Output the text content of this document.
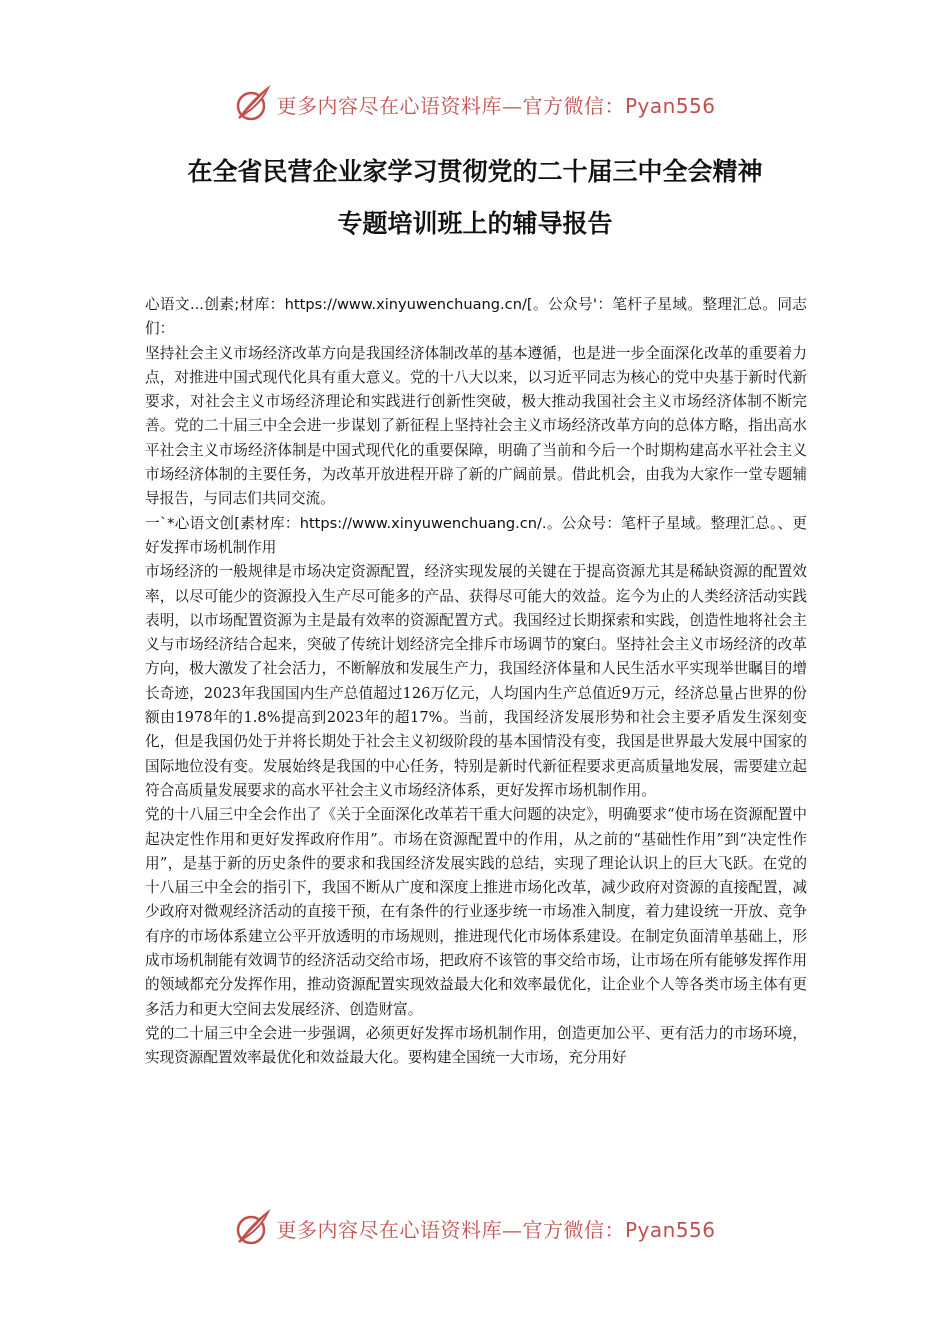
更多内容尽在心语资料库—官方微信：Pyan556
在全省民营企业家学习贯彻党的二十届三中全会精神
专题培训班上的辅导报告

心语文...创素;材库：https://www.xinyuwenchuang.cn/[。公众号'：笔杆子星域。整理汇总。同志们：

坚持社会主义市场经济改革方向是我国经济体制改革的基本遵循，也是进一步全面深化改革的重要着力点，对推进中国式现代化具有重大意义。党的十八大以来，以习近平同志为核心的党中央基于新时代新要求，对社会主义市场经济理论和实践进行创新性突破，极大推动我国社会主义市场经济体制不断完善。党的二十届三中全会进一步谋划了新征程上坚持社会主义市场经济改革方向的总体方略，指出高水平社会主义市场经济体制是中国式现代化的重要保障，明确了当前和今后一个时期构建高水平社会主义市场经济体制的主要任务，为改革开放进程开辟了新的广阔前景。借此机会，由我为大家作一堂专题辅导报告，与同志们共同交流。

一`*心语文创[素材库：https://www.xinyuwenchuang.cn/.。公众号：笔杆子星域。整理汇总。、更好发挥市场机制作用

市场经济的一般规律是市场决定资源配置，经济实现发展的关键在于提高资源尤其是稀缺资源的配置效率，以尽可能少的资源投入生产尽可能多的产品、获得尽可能大的效益。迄今为止的人类经济活动实践表明，以市场配置资源为主是最有效率的资源配置方式。我国经过长期探索和实践，创造性地将社会主义与市场经济结合起来，突破了传统计划经济完全排斥市场调节的窠臼。坚持社会主义市场经济的改革方向，极大激发了社会活力，不断解放和发展生产力，我国经济体量和人民生活水平实现举世瞩目的增长奇迹，2023年我国国内生产总值超过126万亿元，人均国内生产总值近9万元，经济总量占世界的份额由1978年的1.8%提高到2023年的超17%。当前，我国经济发展形势和社会主要矛盾发生深刻变化，但是我国仍处于并将长期处于社会主义初级阶段的基本国情没有变，我国是世界最大发展中国家的国际地位没有变。发展始终是我国的中心任务，特别是新时代新征程要求更高质量地发展，需要建立起符合高质量发展要求的高水平社会主义市场经济体系，更好发挥市场机制作用。

党的十八届三中全会作出了《关于全面深化改革若干重大问题的决定》，明确要求“使市场在资源配置中起决定性作用和更好发挥政府作用”。市场在资源配置中的作用，从之前的“基础性作用”到“决定性作用”，是基于新的历史条件的要求和我国经济发展实践的总结，实现了理论认识上的巨大飞跃。在党的十八届三中全会的指引下，我国不断从广度和深度上推进市场化改革，减少政府对资源的直接配置，减少政府对微观经济活动的直接干预，在有条件的行业逐步统一市场准入制度，着力建设统一开放、竞争有序的市场体系建立公平开放透明的市场规则，推进现代化市场体系建设。在制定负面清单基础上，形成市场机制能有效调节的经济活动交给市场，把政府不该管的事交给市场，让市场在所有能够发挥作用的领域都充分发挥作用，推动资源配置实现效益最大化和效率最优化，让企业个人等各类市场主体有更多活力和更大空间去发展经济、创造财富。

党的二十届三中全会进一步强调，必须更好发挥市场机制作用，创造更加公平、更有活力的市场环境，实现资源配置效率最优化和效益最大化。要构建全国统一大市场，充分用好

更多内容尽在心语资料库—官方微信：Pyan556
